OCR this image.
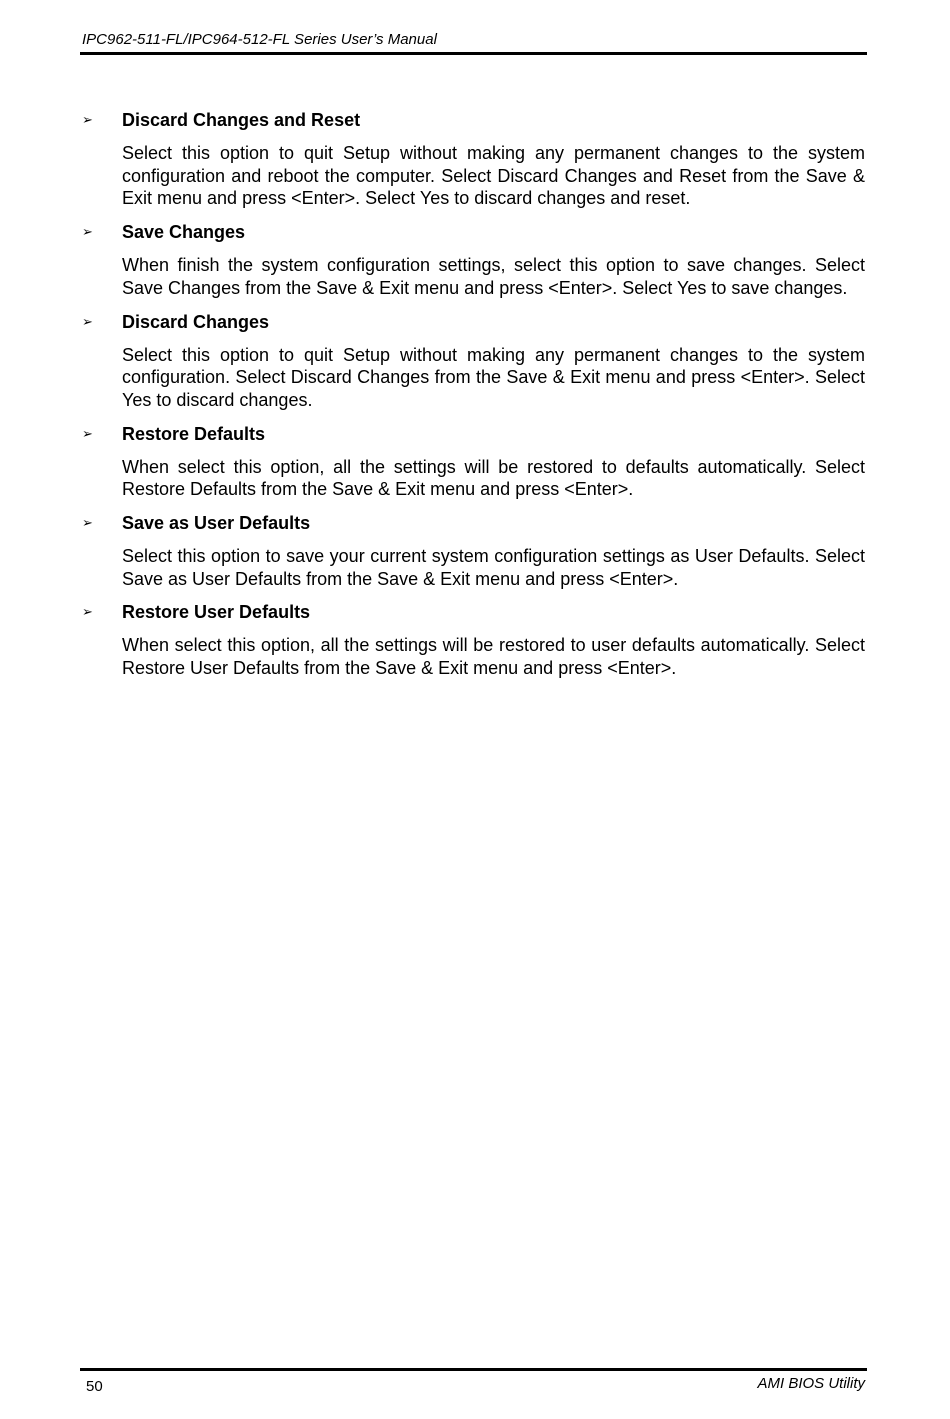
IPC962-511-FL/IPC964-512-FL Series User’s Manual
➢ Discard Changes and Reset
Select this option to quit Setup without making any permanent changes to the system configuration and reboot the computer. Select Discard Changes and Reset from the Save & Exit menu and press <Enter>. Select Yes to discard changes and reset.
➢ Save Changes
When finish the system configuration settings, select this option to save changes. Select Save Changes from the Save & Exit menu and press <Enter>. Select Yes to save changes.
➢ Discard Changes
Select this option to quit Setup without making any permanent changes to the system configuration. Select Discard Changes from the Save & Exit menu and press <Enter>. Select Yes to discard changes.
➢ Restore Defaults
When select this option, all the settings will be restored to defaults automatically. Select Restore Defaults from the Save & Exit menu and press <Enter>.
➢ Save as User Defaults
Select this option to save your current system configuration settings as User Defaults. Select Save as User Defaults from the Save & Exit menu and press <Enter>.
➢ Restore User Defaults
When select this option, all the settings will be restored to user defaults automatically. Select Restore User Defaults from the Save & Exit menu and press <Enter>.
50	AMI BIOS Utility
